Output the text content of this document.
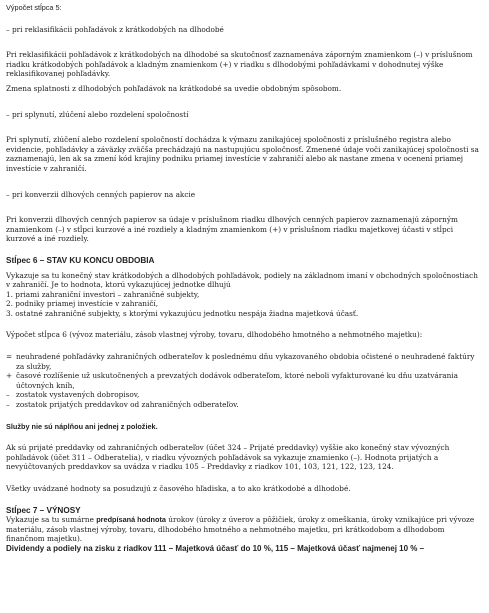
Výpočet stĺpca 5:

– pri reklasifikácii pohľadávok z krátkodobých na dlhodobé

Pri reklasifikácii pohľadávok z krátkodobých na dlhodobé sa skutočnosť zaznamenáva záporným znamienkom (–) v príslušnom riadku krátkodobých pohľadávok a kladným znamienkom (+) v riadku s dlhodobými pohľadávkami v dohodnutej výške reklasifikovanej pohľadávky.

Zmena splatnosti z dlhodobých pohľadávok na krátkodobé sa uvedie obdobným spôsobom.

– pri splynutí, zlúčení alebo rozdelení spoločností

Pri splynutí, zlúčení alebo rozdelení spoločností dochádza k výmazu zanikajúcej spoločnosti z príslušného registra alebo evidencie, pohľadávky a záväzky zväčša prechádzajú na nastupujúcu spoločnosť. Zmenené údaje voči zanikajúcej spoločnosti sa zaznamenajú, len ak sa zmení kód krajiny podniku priamej investície v zahraničí alebo ak nastane zmena v ocenení priamej investície v zahraničí.

– pri konverzii dlhových cenných papierov na akcie

Pri konverzii dlhových cenných papierov sa údaje v príslušnom riadku dlhových cenných papierov zaznamenajú záporným znamienkom (–) v stĺpci kurzové a iné rozdiely a kladným znamienkom (+) v príslušnom riadku majetkovej účasti v stĺpci kurzové a iné rozdiely.

Stĺpec 6 – STAV KU KONCU OBDOBIA

Vykazuje sa tu konečný stav krátkodobých a dlhodobých pohľadávok, podiely na základnom imaní v obchodných spoločnostiach v zahraničí. Je to hodnota, ktorú vykazujúcej jednotke dlhujú

1. priami zahraniční investori – zahraničné subjekty,

2. podniky priamej investície v zahraničí,

3. ostatné zahraničné subjekty, s ktorými vykazujúcu jednotku nespája žiadna majetková účasť.

Výpočet stĺpca 6 (vývoz materiálu, zásob vlastnej výroby, tovaru, dlhodobého hmotného a nehmotného majetku):

= neuhradené pohľadávky zahraničných odberateľov k poslednému dňu vykazovaného obdobia očistené o neuhradené faktúry za služby,
+ časové rozlíšenie už uskutočnených a prevzatých dodávok odberateľom, ktoré neboli vyfakturované ku dňu uzatvárania účtovných kníh,
– zostatok vystavených dobropisov,
– zostatok prijatých preddavkov od zahraničných odberateľov.

Služby nie sú náplňou ani jednej z položiek.

Ak sú prijaté preddavky od zahraničných odberateľov (účet 324 – Prijaté preddavky) vyššie ako konečný stav vývozných pohľadávok (účet 311 – Odberatelia), v riadku vývozných pohľadávok sa vykazuje znamienko (–). Hodnota prijatých a nevyúčtovaných preddavkov sa uvádza v riadku 105 – Preddavky z riadkov 101, 103, 121, 122, 123, 124.

Všetky uvádzané hodnoty sa posudzujú z časového hľadiska, a to ako krátkodobé a dlhodobé.

Stĺpec 7 – VÝNOSY

Vykazuje sa tu sumárne predpísaná hodnota úrokov (úroky z úverov a pôžičiek, úroky z omeškania, úroky vznikajúce pri vývoze materiálu, zásob vlastnej výroby, tovaru, dlhodobého hmotného a nehmotného majetku, pri krátkodobom a dlhodobom finančnom majetku).

Dividendy a podiely na zisku z riadkov 111 – Majetková účasť do 10 %, 115 – Majetková účasť najmenej 10 % –
